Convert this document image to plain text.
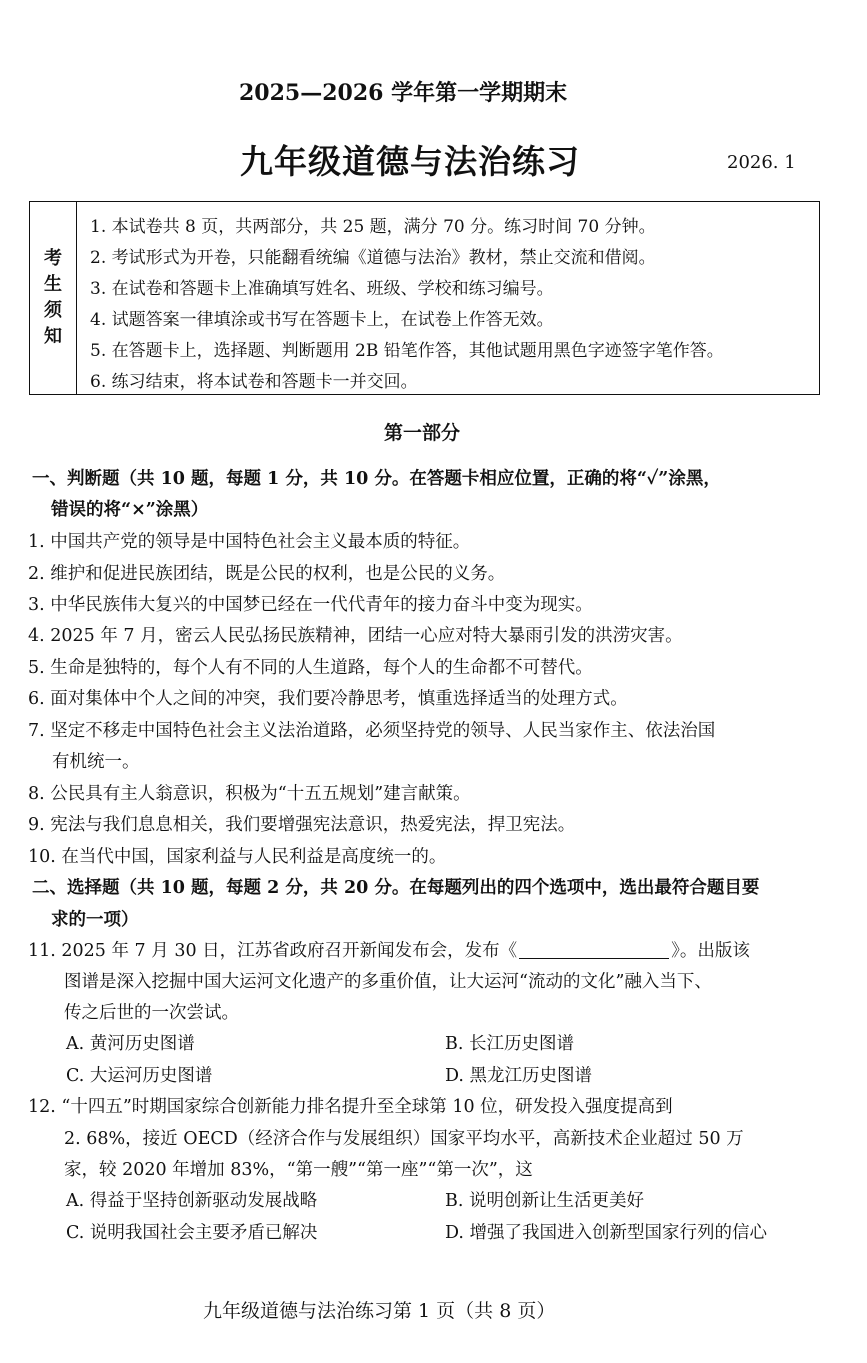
2025—2026 学年第一学期期末
九年级道德与法治练习	2026. 1
考
生
须
知
1. 本试卷共 8 页，共两部分，共 25 题，满分 70 分。练习时间 70 分钟。
2. 考试形式为开卷，只能翻看统编《道德与法治》教材，禁止交流和借阅。
3. 在试卷和答题卡上准确填写姓名、班级、学校和练习编号。
4. 试题答案一律填涂或书写在答题卡上，在试卷上作答无效。
5. 在答题卡上，选择题、判断题用 2B 铅笔作答，其他试题用黑色字迹签字笔作答。
6. 练习结束，将本试卷和答题卡一并交回。
第一部分
一、判断题（共 10 题，每题 1 分，共 10 分。在答题卡相应位置，正确的将“✓”涂黑，
错误的将“×”涂黑）
1. 中国共产党的领导是中国特色社会主义最本质的特征。
2. 维护和促进民族团结，既是公民的权利，也是公民的义务。
3. 中华民族伟大复兴的中国梦已经在一代代青年的接力奋斗中变为现实。
4. 2025 年 7 月，密云人民弘扬民族精神，团结一心应对特大暴雨引发的洪涝灾害。
5. 生命是独特的，每个人有不同的人生道路，每个人的生命都不可替代。
6. 面对集体中个人之间的冲突，我们要冷静思考，慎重选择适当的处理方式。
7. 坚定不移走中国特色社会主义法治道路，必须坚持党的领导、人民当家作主、依法治国
有机统一。
8. 公民具有主人翁意识，积极为“十五五规划”建言献策。
9. 宪法与我们息息相关，我们要增强宪法意识，热爱宪法，捍卫宪法。
10. 在当代中国，国家利益与人民利益是高度统一的。
二、选择题（共 10 题，每题 2 分，共 20 分。在每题列出的四个选项中，选出最符合题目要
求的一项）
11. 2025 年 7 月 30 日，江苏省政府召开新闻发布会，发布《	》。出版该
图谱是深入挖掘中国大运河文化遗产的多重价值，让大运河“流动的文化”融入当下、
传之后世的一次尝试。
A. 黄河历史图谱	B. 长江历史图谱
C. 大运河历史图谱	D. 黑龙江历史图谱
12. “十四五”时期国家综合创新能力排名提升至全球第 10 位，研发投入强度提高到
2. 68%，接近 OECD（经济合作与发展组织）国家平均水平，高新技术企业超过 50 万
家，较 2020 年增加 83%，“第一艘”“第一座”“第一次”，这
A. 得益于坚持创新驱动发展战略	B. 说明创新让生活更美好
C. 说明我国社会主要矛盾已解决	D. 增强了我国进入创新型国家行列的信心
九年级道德与法治练习第 1 页（共 8 页）
